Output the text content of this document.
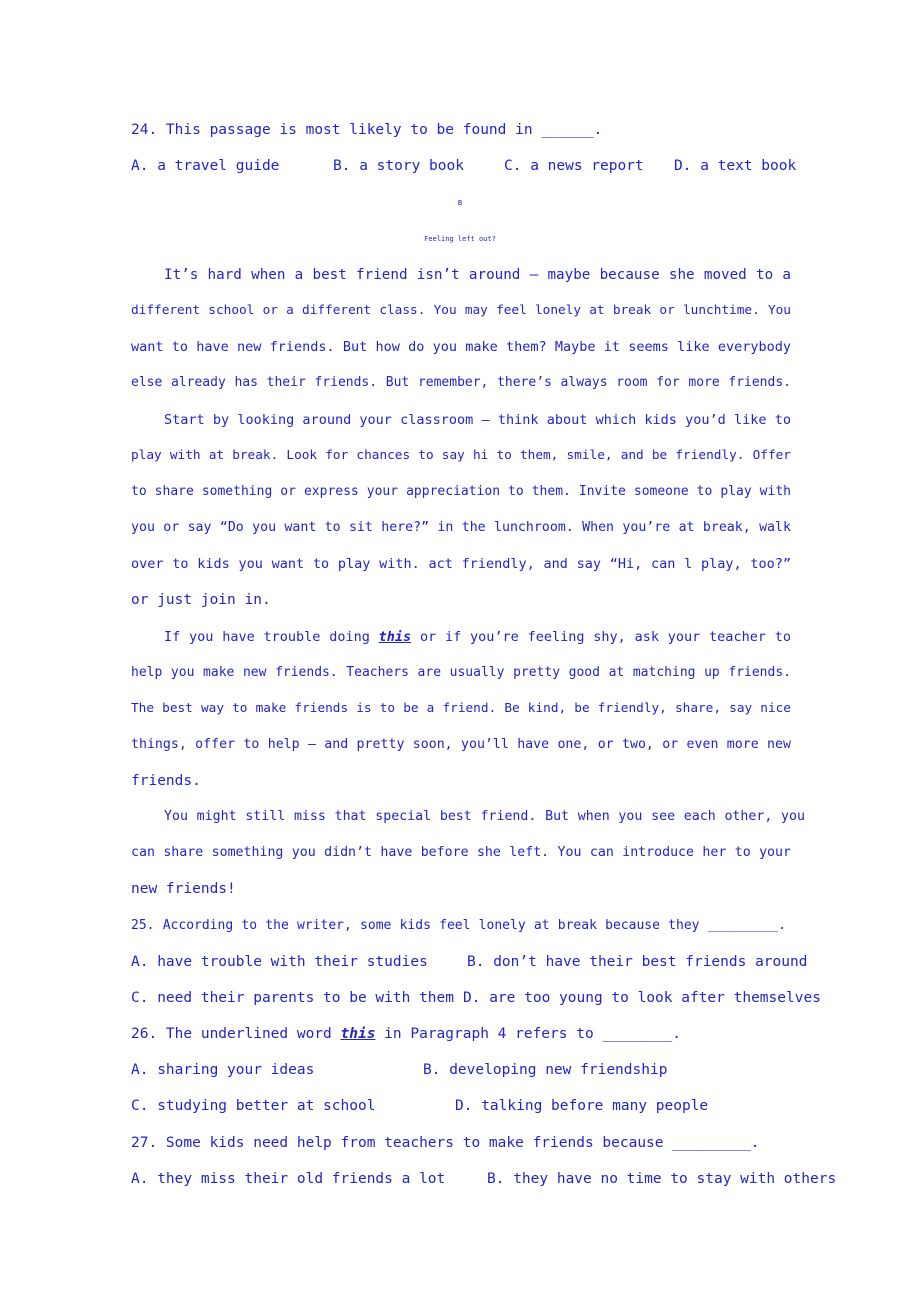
24. This passage is most likely to be found in ______.
A. a travel guide	B. a story book	C. a news report D. a text book
B
Feeling left out?
It’s hard when a best friend isn’t around — maybe because she moved to a
different school or a different class. You may feel lonely at break or lunchtime. You
want to have new friends. But how do you make them? Maybe it seems like everybody
else already has their friends. But remember, there’s always room for more friends.
Start by looking around your classroom — think about which kids you’d like to
play with at break. Look for chances to say hi to them, smile, and be friendly. Offer
to share something or express your appreciation to them. Invite someone to play with
you or say “Do you want to sit here?” in the lunchroom. When you’re at break, walk
over to kids you want to play with. act friendly, and say “Hi, can l play, too?”
or just join in.
If you have trouble doing this or if you’re feeling shy, ask your teacher to
help you make new friends. Teachers are usually pretty good at matching up friends.
The best way to make friends is to be a friend. Be kind, be friendly, share, say nice
things, offer to help — and pretty soon, you’ll have one, or two, or even more new
friends.
You might still miss that special best friend. But when you see each other, you
can share something you didn’t have before she left. You can introduce her to your
new friends!
25. According to the writer, some kids feel lonely at break because they _________.
A. have trouble with their studies	B. don’t have their best friends around
C. need their parents to be with them D. are too young to look after themselves
26. The underlined word this in Paragraph 4 refers to ________.
A. sharing your ideas	B. developing new friendship
C. studying better at school	D. talking before many people
27. Some kids need help from teachers to make friends because _________.
A. they miss their old friends a lot	B. they have no time to stay with others
